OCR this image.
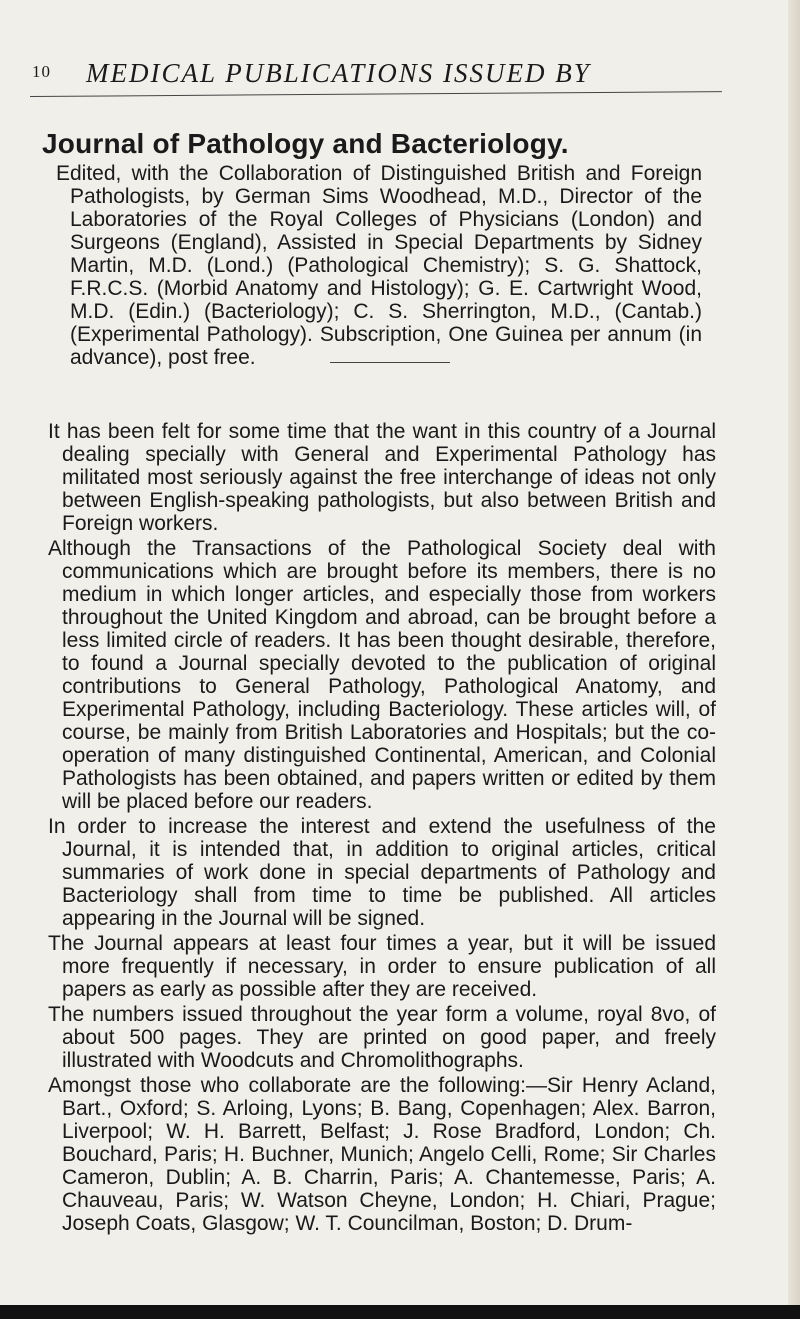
10 MEDICAL PUBLICATIONS ISSUED BY
Journal of Pathology and Bacteriology.

Edited, with the Collaboration of Distinguished British and Foreign Pathologists, by German Sims Woodhead, M.D., Director of the Laboratories of the Royal Colleges of Physicians (London) and Surgeons (England), Assisted in Special Departments by Sidney Martin, M.D. (Lond.) (Pathological Chemistry); S. G. Shattock, F.R.C.S. (Morbid Anatomy and Histology); G. E. Cartwright Wood, M.D. (Edin.) (Bacteriology); C. S. Sherrington, M.D., (Cantab.) (Experimental Pathology). Subscription, One Guinea per annum (in advance), post free.

It has been felt for some time that the want in this country of a Journal dealing specially with General and Experimental Pathology has militated most seriously against the free interchange of ideas not only between English-speaking pathologists, but also between British and Foreign workers.

Although the Transactions of the Pathological Society deal with communications which are brought before its members, there is no medium in which longer articles, and especially those from workers throughout the United Kingdom and abroad, can be brought before a less limited circle of readers. It has been thought desirable, therefore, to found a Journal specially devoted to the publication of original contributions to General Pathology, Pathological Anatomy, and Experimental Pathology, including Bacteriology. These articles will, of course, be mainly from British Laboratories and Hospitals; but the co-operation of many distinguished Continental, American, and Colonial Pathologists has been obtained, and papers written or edited by them will be placed before our readers.

In order to increase the interest and extend the usefulness of the Journal, it is intended that, in addition to original articles, critical summaries of work done in special departments of Pathology and Bacteriology shall from time to time be published. All articles appearing in the Journal will be signed.

The Journal appears at least four times a year, but it will be issued more frequently if necessary, in order to ensure publication of all papers as early as possible after they are received.

The numbers issued throughout the year form a volume, royal 8vo, of about 500 pages. They are printed on good paper, and freely illustrated with Woodcuts and Chromolithographs.

Amongst those who collaborate are the following:—Sir Henry Acland, Bart., Oxford; S. Arloing, Lyons; B. Bang, Copenhagen; Alex. Barron, Liverpool; W. H. Barrett, Belfast; J. Rose Bradford, London; Ch. Bouchard, Paris; H. Buchner, Munich; Angelo Celli, Rome; Sir Charles Cameron, Dublin; A. B. Charrin, Paris; A. Chantemesse, Paris; A. Chauveau, Paris; W. Watson Cheyne, London; H. Chiari, Prague; Joseph Coats, Glasgow; W. T. Councilman, Boston; D. Drum-
